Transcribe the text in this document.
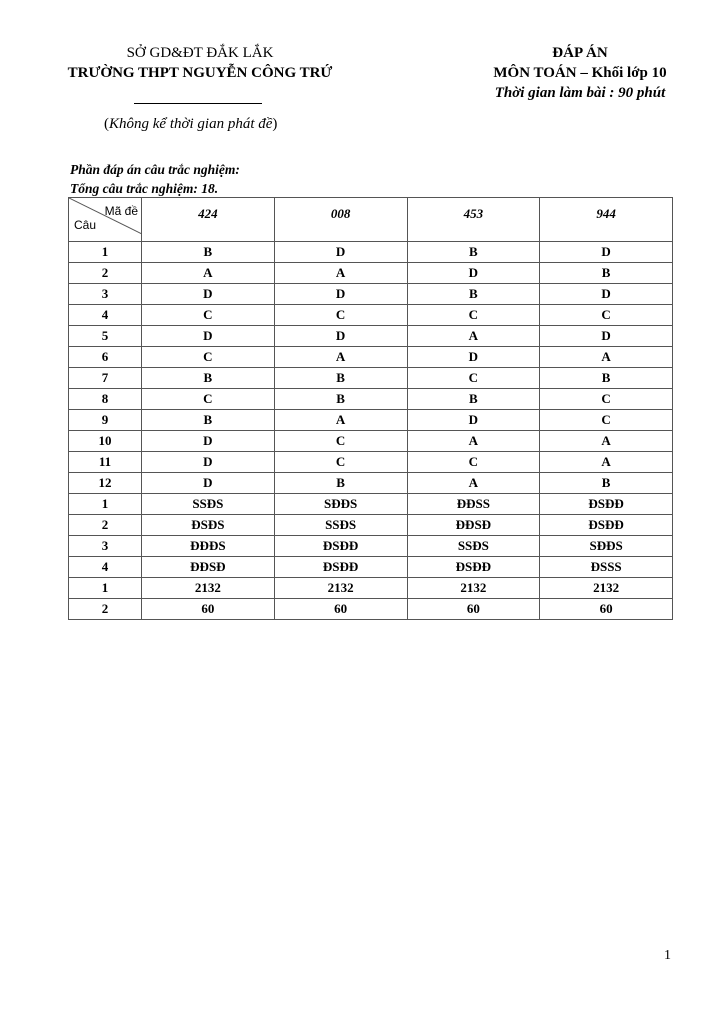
SỞ GD&ĐT ĐẮK LẮK
TRƯỜNG THPT NGUYỄN CÔNG TRỨ
(Không kể thời gian phát đề)
ĐÁP ÁN
MÔN TOÁN – Khối lớp 10
Thời gian làm bài : 90 phút
Phần đáp án câu trắc nghiệm:
Tổng câu trắc nghiệm: 18.
Mã đề
Câu	424	008	453	944
1	B	D	B	D
2	A	A	D	B
3	D	D	B	D
4	C	C	C	C
5	D	D	A	D
6	C	A	D	A
7	B	B	C	B
8	C	B	B	C
9	B	A	D	C
10	D	C	A	A
11	D	C	C	A
12	D	B	A	B
1	SSĐS	SĐĐS	ĐĐSS	ĐSĐĐ
2	ĐSĐS	SSĐS	ĐĐSĐ	ĐSĐĐ
3	ĐĐĐS	ĐSĐĐ	SSĐS	SĐĐS
4	ĐĐSĐ	ĐSĐĐ	ĐSĐĐ	ĐSSS
1	2132	2132	2132	2132
2	60	60	60	60
1
